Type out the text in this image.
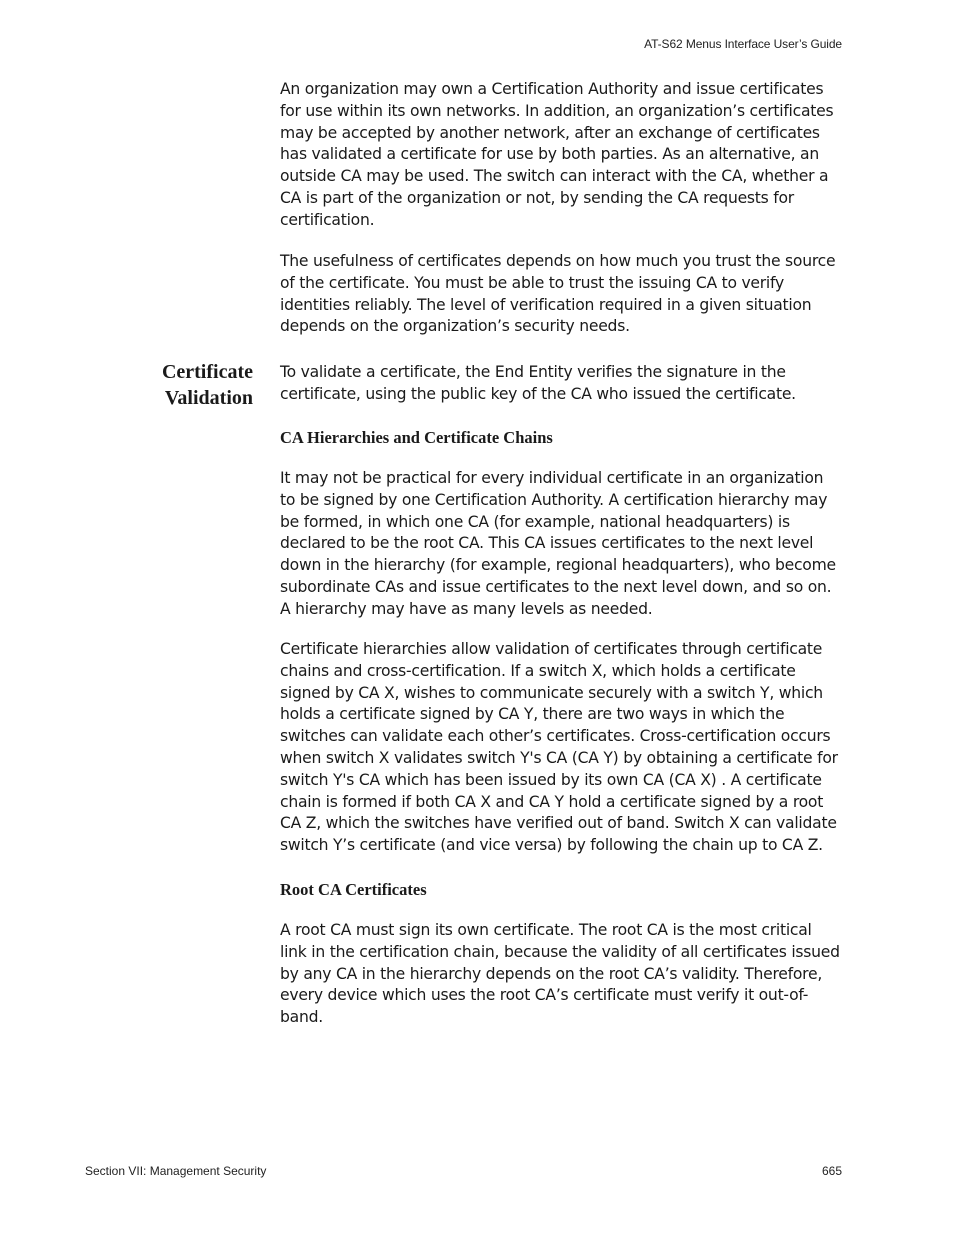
AT-S62 Menus Interface User’s Guide

An organization may own a Certification Authority and issue certificates for use within its own networks. In addition, an organization’s certificates may be accepted by another network, after an exchange of certificates has validated a certificate for use by both parties. As an alternative, an outside CA may be used. The switch can interact with the CA, whether a CA is part of the organization or not, by sending the CA requests for certification.

The usefulness of certificates depends on how much you trust the source of the certificate. You must be able to trust the issuing CA to verify identities reliably. The level of verification required in a given situation depends on the organization’s security needs.

Certificate
Validation

To validate a certificate, the End Entity verifies the signature in the certificate, using the public key of the CA who issued the certificate.

CA Hierarchies and Certificate Chains

It may not be practical for every individual certificate in an organization to be signed by one Certification Authority. A certification hierarchy may be formed, in which one CA (for example, national headquarters) is declared to be the root CA. This CA issues certificates to the next level down in the hierarchy (for example, regional headquarters), who become subordinate CAs and issue certificates to the next level down, and so on. A hierarchy may have as many levels as needed.

Certificate hierarchies allow validation of certificates through certificate chains and cross-certification. If a switch X, which holds a certificate signed by CA X, wishes to communicate securely with a switch Y, which holds a certificate signed by CA Y, there are two ways in which the switches can validate each other’s certificates. Cross-certification occurs when switch X validates switch Y's CA (CA Y) by obtaining a certificate for switch Y's CA which has been issued by its own CA (CA X) . A certificate chain is formed if both CA X and CA Y hold a certificate signed by a root CA Z, which the switches have verified out of band. Switch X can validate switch Y’s certificate (and vice versa) by following the chain up to CA Z.

Root CA Certificates

A root CA must sign its own certificate. The root CA is the most critical link in the certification chain, because the validity of all certificates issued by any CA in the hierarchy depends on the root CA’s validity. Therefore, every device which uses the root CA’s certificate must verify it out-of-band.

Section VII: Management Security	665
